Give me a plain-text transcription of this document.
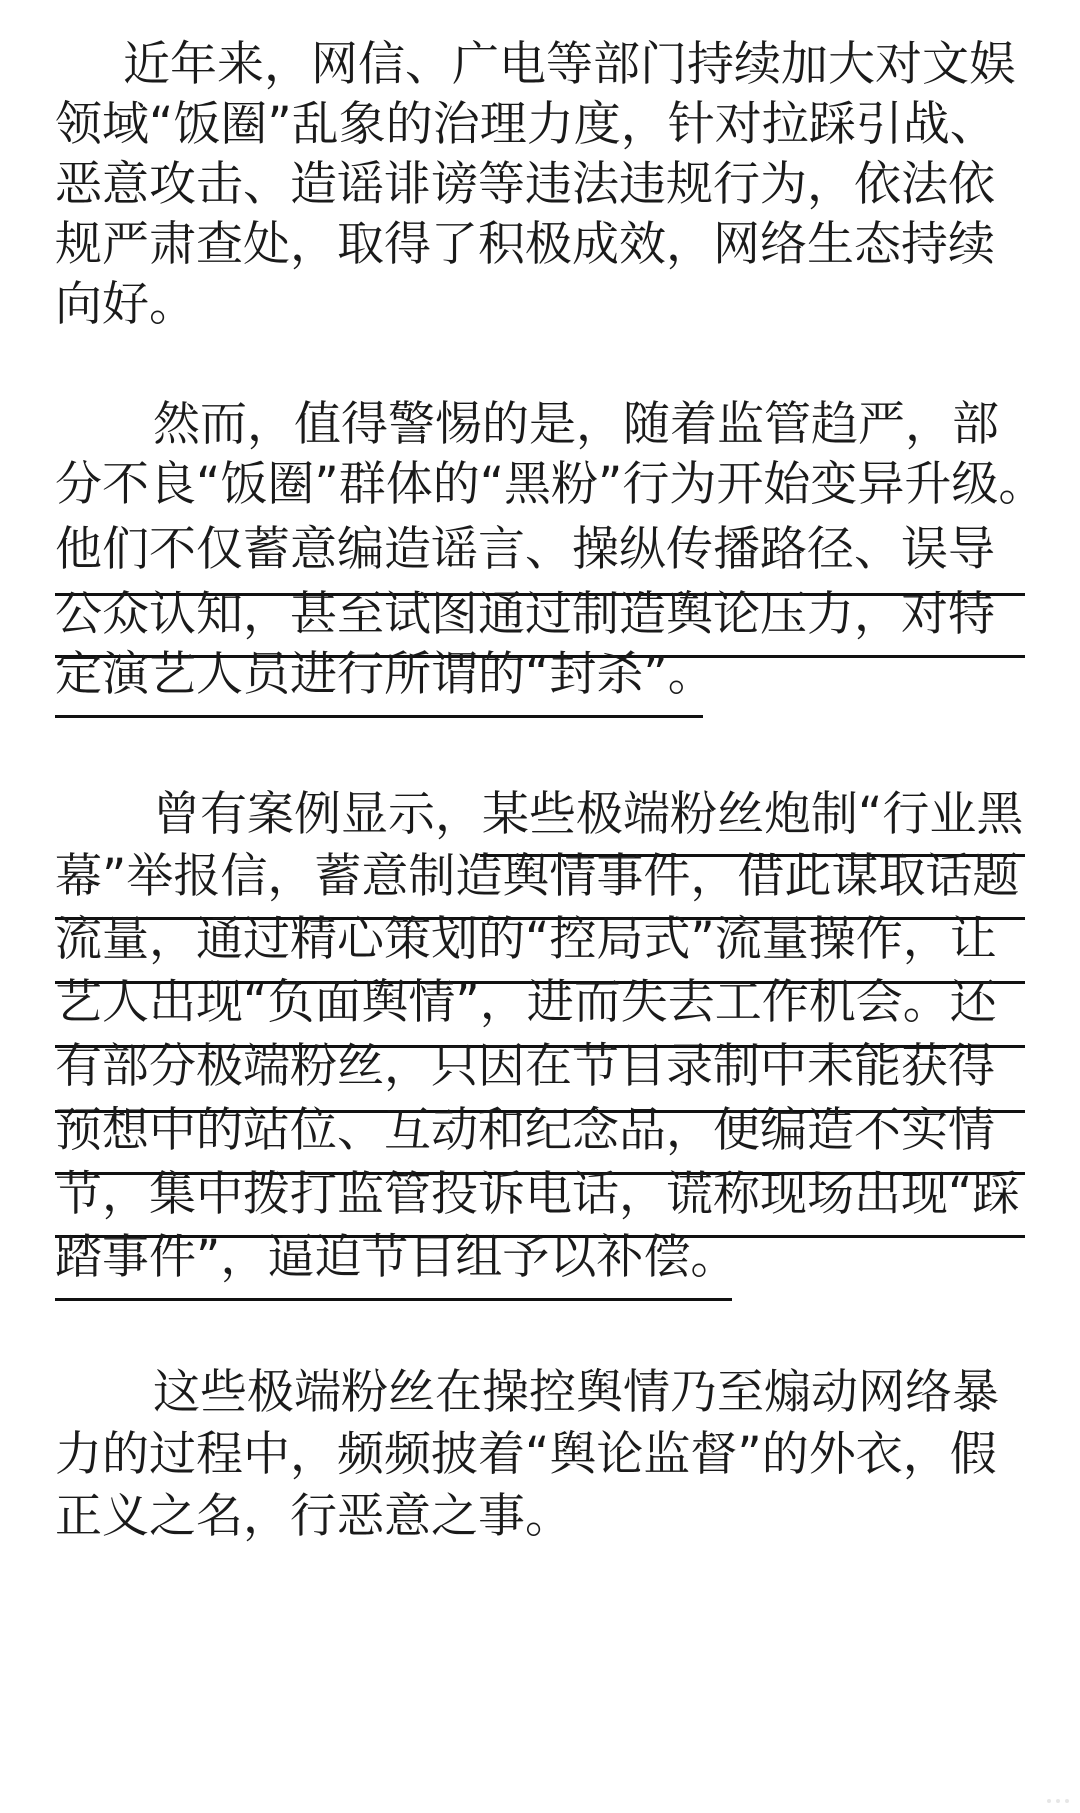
近年来，网信、广电等部门持续加大对文娱
领域“饭圈”乱象的治理力度，针对拉踩引战、
恶意攻击、造谣诽谤等违法违规行为，依法依
规严肃查处，取得了积极成效，网络生态持续
向好。
然而，值得警惕的是，随着监管趋严，部
分不良“饭圈”群体的“黑粉”行为开始变异升级。
他们不仅蓄意编造谣言、操纵传播路径、误导
公众认知，甚至试图通过制造舆论压力，对特
定演艺人员进行所谓的“封杀”。
曾有案例显示，某些极端粉丝炮制“行业黑
幕”举报信，蓄意制造舆情事件，借此谋取话题
流量，通过精心策划的“控局式”流量操作，让
艺人出现“负面舆情”，进而失去工作机会。还
有部分极端粉丝，只因在节目录制中未能获得
预想中的站位、互动和纪念品，便编造不实情
节，集中拨打监管投诉电话，谎称现场出现“踩
踏事件”，逼迫节目组予以补偿。
这些极端粉丝在操控舆情乃至煽动网络暴
力的过程中，频频披着“舆论监督”的外衣，假
正义之名，行恶意之事。
